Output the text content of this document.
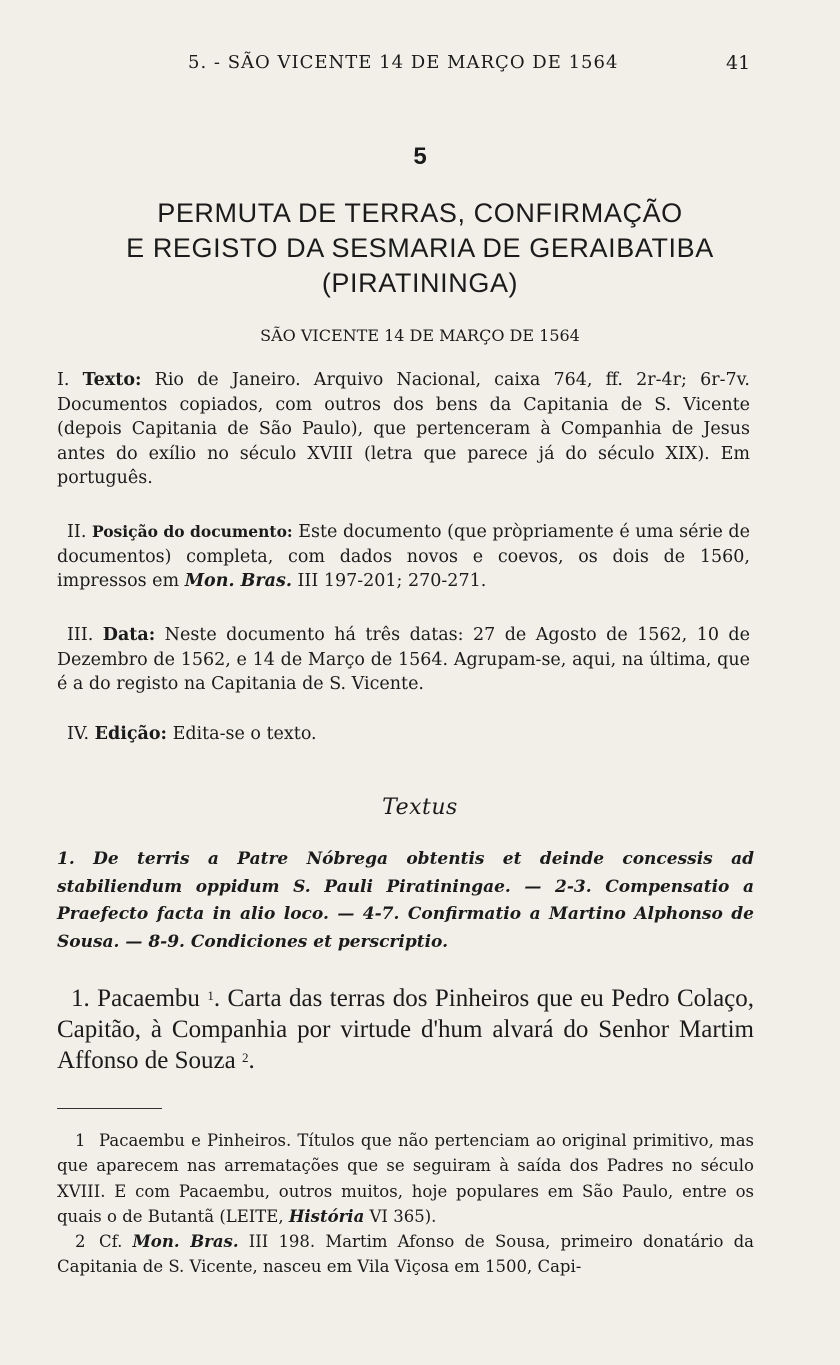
5. - SÃO VICENTE 14 DE MARÇO DE 1564	41
5
PERMUTA DE TERRAS, CONFIRMAÇÃO
E REGISTO DA SESMARIA DE GERAIBATIBA
(PIRATININGA)
SÃO VICENTE 14 DE MARÇO DE 1564
I. Texto: Rio de Janeiro. Arquivo Nacional, caixa 764, ff. 2r-4r; 6r-7v. Documentos copiados, com outros dos bens da Capitania de S. Vicente (depois Capitania de São Paulo), que pertenceram à Companhia de Jesus antes do exílio no século XVIII (letra que parece já do século XIX). Em português.
II. Posição do documento: Este documento (que pròpriamente é uma série de documentos) completa, com dados novos e coevos, os dois de 1560, impressos em Mon. Bras. III 197-201; 270-271.
III. Data: Neste documento há três datas: 27 de Agosto de 1562, 10 de Dezembro de 1562, e 14 de Março de 1564. Agrupam-se, aqui, na última, que é a do registo na Capitania de S. Vicente.
IV. Edição: Edita-se o texto.
Textus
1. De terris a Patre Nóbrega obtentis et deinde concessis ad stabiliendum oppidum S. Pauli Piratiningae. — 2-3. Compensatio a Praefecto facta in alio loco. — 4-7. Confirmatio a Martino Alphonso de Sousa. — 8-9. Condiciones et perscriptio.
1. Pacaembu $^1$. Carta das terras dos Pinheiros que eu Pedro Colaço, Capitão, à Companhia por virtude d'hum alvará do Senhor Martim Affonso de Souza $^2$.

1 Pacaembu e Pinheiros. Títulos que não pertenciam ao original primitivo, mas que aparecem nas arrematações que se seguiram à saída dos Padres no século XVIII. E com Pacaembu, outros muitos, hoje populares em São Paulo, entre os quais o de Butantã (LEITE, História VI 365).

2 Cf. Mon. Bras. III 198. Martim Afonso de Sousa, primeiro donatário da Capitania de S. Vicente, nasceu em Vila Viçosa em 1500, Capi-
